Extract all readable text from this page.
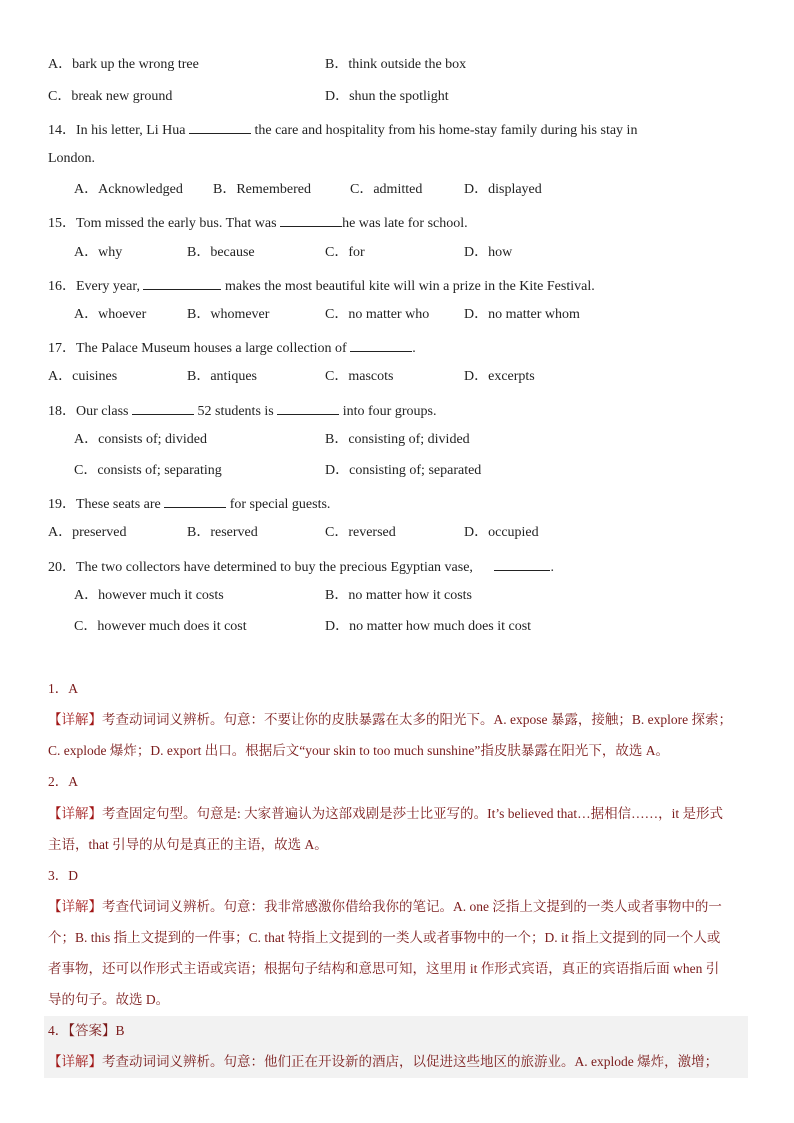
A．bark up the wrong tree	B．think outside the box
C．break new ground	D．shun the spotlight
14．In his letter, Li Hua	the care and hospitality from his home-stay family during his stay in
London.
A．Acknowledged B．Remembered	C．admitted	D．displayed
15．Tom missed the early bus. That was	he was late for school.
A．why	B．because	C．for	D．how
16．Every year,	makes the most beautiful kite will win a prize in the Kite Festival.
A．whoever	B．whomever	C．no matter who D．no matter whom
17．The Palace Museum houses a large collection of	.
A．cuisines	B．antiques	C．mascots	D．excerpts
18．Our class	52 students is	into four groups.
A．consists of; divided	B．consisting of; divided
C．consists of; separating	D．consisting of; separated
19．These seats are	for special guests.
A．preserved	B．reserved	C．reversed	D．occupied
20．The two collectors have determined to buy the precious Egyptian vase,	.
A．however much it costs	B．no matter how it costs
C．however much does it cost	D．no matter how much does it cost
1．A
【详解】考查动词词义辨析。句意：不要让你的皮肤暴露在太多的阳光下。A. expose 暴露，接触；B. explore 探索；
C. explode 爆炸；D. export 出口。根据后文“your skin to too much sunshine”指皮肤暴露在阳光下，故选 A。
2．A
【详解】考查固定句型。句意是: 大家普遍认为这部戏剧是莎士比亚写的。It’s believed that…据相信……，it 是形式
主语，that 引导的从句是真正的主语，故选 A。
3．D
【详解】考查代词词义辨析。句意：我非常感激你借给我你的笔记。A. one 泛指上文提到的一类人或者事物中的一
个；B. this 指上文提到的一件事；C. that 特指上文提到的一类人或者事物中的一个；D. it 指上文提到的同一个人或
者事物，还可以作形式主语或宾语；根据句子结构和意思可知，这里用 it 作形式宾语，真正的宾语指后面 when 引
导的句子。故选 D。
4．【答案】B
【详解】考查动词词义辨析。句意：他们正在开设新的酒店，以促进这些地区的旅游业。A. explode 爆炸，激增；
